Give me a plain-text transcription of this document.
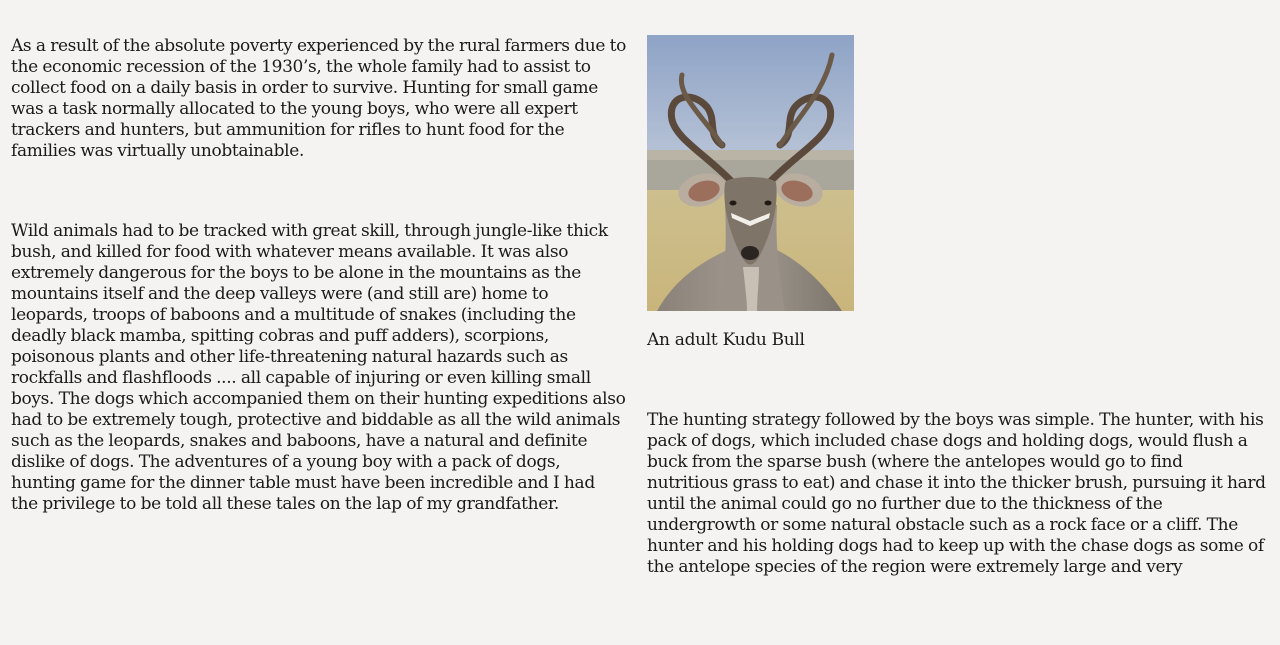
As a result of the absolute poverty experienced by the rural farmers due to the economic recession of the 1930’s, the whole family had to assist to collect food on a daily basis in order to survive. Hunting for small game was a task normally allocated to the young boys, who were all expert trackers and hunters, but ammunition for rifles to hunt food for the families was virtually unobtainable.

Wild animals had to be tracked with great skill, through jungle-like thick bush, and killed for food with whatever means available. It was also extremely dangerous for the boys to be alone in the mountains as the mountains itself and the deep valleys were (and still are) home to leopards, troops of baboons and a multitude of snakes (including the deadly black mamba, spitting cobras and puff adders), scorpions, poisonous plants and other life-threatening natural hazards such as rockfalls and flashfloods .... all capable of injuring or even killing small boys. The dogs which accompanied them on their hunting expeditions also had to be extremely tough, protective and biddable as all the wild animals such as the leopards, snakes and baboons, have a natural and definite dislike of dogs. The adventures of a young boy with a pack of dogs, hunting game for the dinner table must have been incredible and I had the privilege to be told all these tales on the lap of my grandfather.

An adult Kudu Bull

The hunting strategy followed by the boys was simple. The hunter, with his pack of dogs, which included chase dogs and holding dogs, would flush a buck from the sparse bush (where the antelopes would go to find nutritious grass to eat) and chase it into the thicker brush, pursuing it hard until the animal could go no further due to the thickness of the undergrowth or some natural obstacle such as a rock face or a cliff. The hunter and his holding dogs had to keep up with the chase dogs as some of the antelope species of the region were extremely large and very
